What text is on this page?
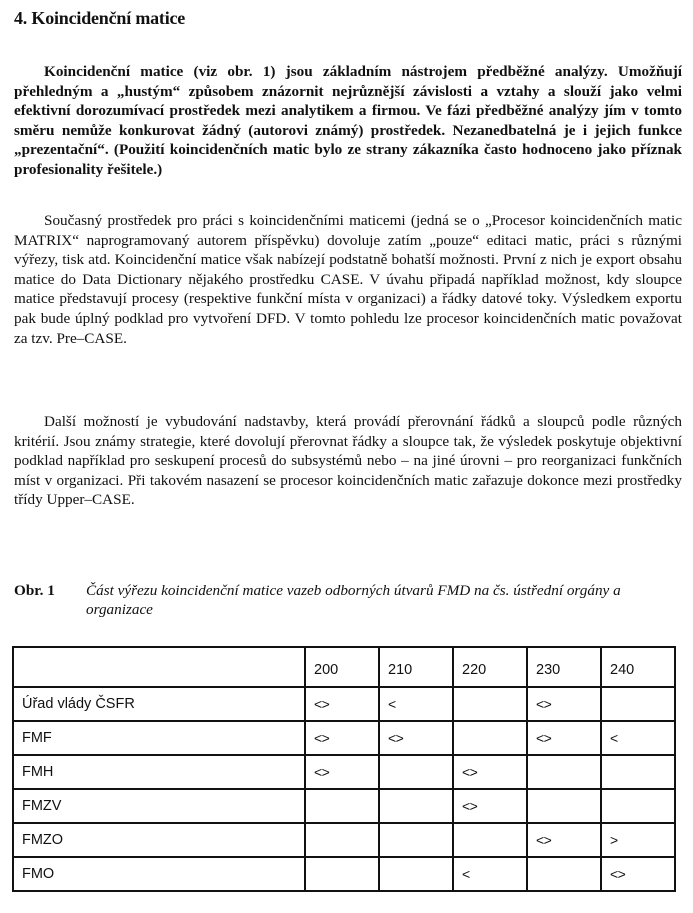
4. Koincidenční matice

Koincidenční matice (viz obr. 1) jsou základním nástrojem předběžné analýzy. Umožňují přehledným a „hustým“ způsobem znázornit nejrůznější závislosti a vztahy a slouží jako velmi efektivní dorozumívací prostředek mezi analytikem a firmou. Ve fázi předběžné analýzy jím v tomto směru nemůže konkurovat žádný (autorovi známý) prostředek. Nezanedbatelná je i jejich funkce „prezentační“. (Použití koincidenčních matic bylo ze strany zákazníka často hodnoceno jako příznak profesionality řešitele.)

Současný prostředek pro práci s koincidenčními maticemi (jedná se o „Procesor koincidenčních matic MATRIX“ naprogramovaný autorem příspěvku) dovoluje zatím „pouze“ editaci matic, práci s různými výřezy, tisk atd. Koincidenční matice však nabízejí podstatně bohatší možnosti. První z nich je export obsahu matice do Data Dictionary nějakého prostředku CASE. V úvahu připadá například možnost, kdy sloupce matice představují procesy (respektive funkční místa v organizaci) a řádky datové toky. Výsledkem exportu pak bude úplný podklad pro vytvoření DFD. V tomto pohledu lze procesor koincidenčních matic považovat za tzv. Pre–CASE.

Další možností je vybudování nadstavby, která provádí přerovnání řádků a sloupců podle různých kritérií. Jsou známy strategie, které dovolují přerovnat řádky a sloupce tak, že výsledek poskytuje objektivní podklad například pro seskupení procesů do subsystémů nebo – na jiné úrovni – pro reorganizaci funkčních míst v organizaci. Při takovém nasazení se procesor koincidenčních matic zařazuje dokonce mezi prostředky třídy Upper–CASE.

Obr. 1 Část výřezu koincidenční matice vazeb odborných útvarů FMD na čs. ústřední orgány a organizace
	200	210	220	230	240
Úřad vlády ČSFR	<>	<		<>	
FMF	<>	<>		<>	<
FMH	<>		<>		
FMZV			<>		
FMZO				<>	>
FMO			<		<>
